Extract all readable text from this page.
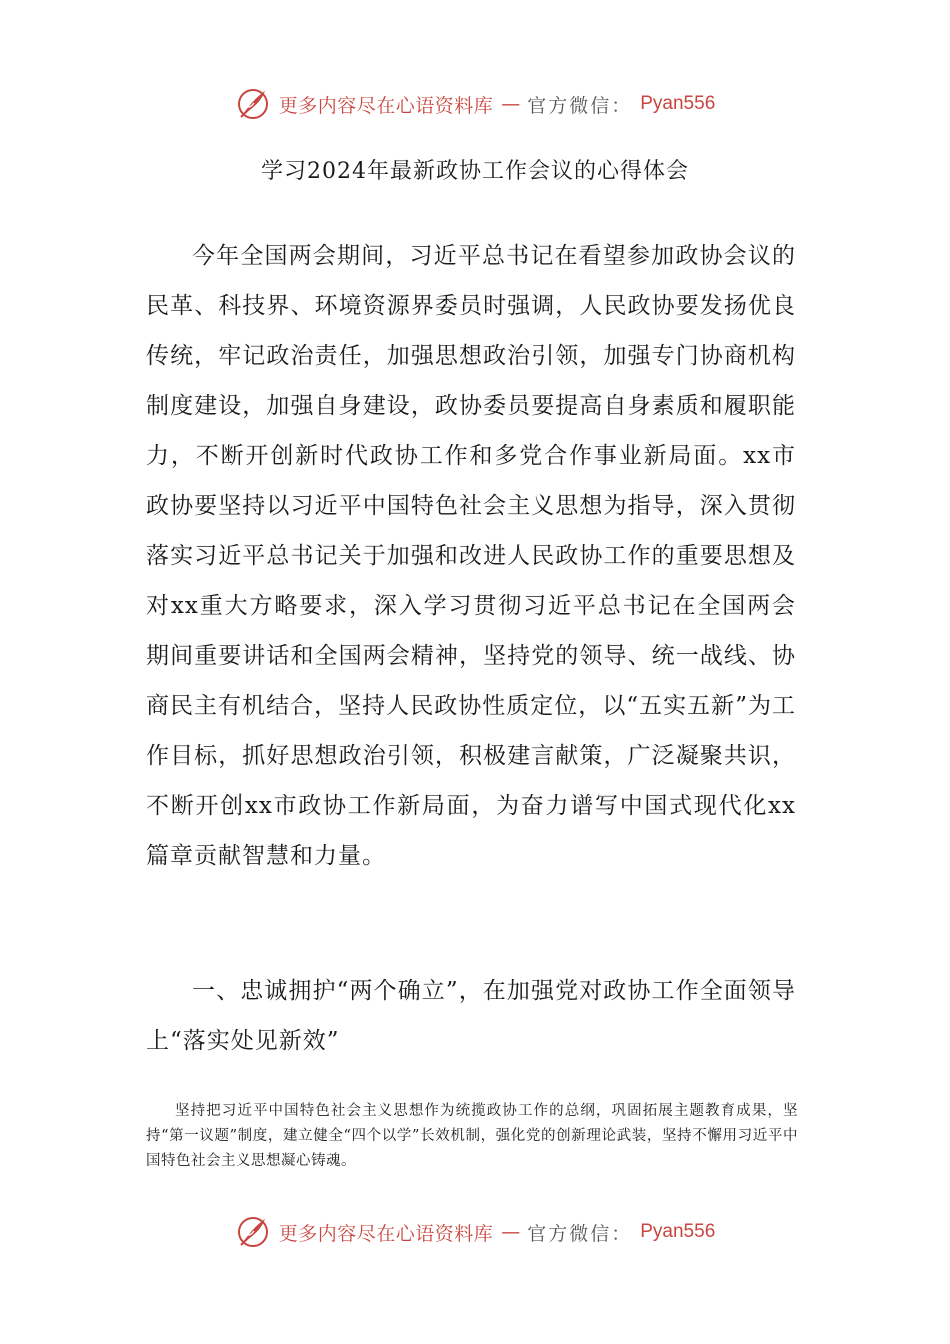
更多内容尽在心语资料库 — 官方微信： Pyan556
学习2024年最新政协工作会议的心得体会

今年全国两会期间，习近平总书记在看望参加政协会议的民革、科技界、环境资源界委员时强调，人民政协要发扬优良传统，牢记政治责任，加强思想政治引领，加强专门协商机构制度建设，加强自身建设，政协委员要提高自身素质和履职能力，不断开创新时代政协工作和多党合作事业新局面。xx市政协要坚持以习近平中国特色社会主义思想为指导，深入贯彻落实习近平总书记关于加强和改进人民政协工作的重要思想及对xx重大方略要求，深入学习贯彻习近平总书记在全国两会期间重要讲话和全国两会精神，坚持党的领导、统一战线、协商民主有机结合，坚持人民政协性质定位，以“五实五新”为工作目标，抓好思想政治引领，积极建言献策，广泛凝聚共识，不断开创xx市政协工作新局面，为奋力谱写中国式现代化xx篇章贡献智慧和力量。

一、忠诚拥护“两个确立”，在加强党对政协工作全面领导上“落实处见新效”

坚持把习近平中国特色社会主义思想作为统揽政协工作的总纲，巩固拓展主题教育成果，坚持“第一议题”制度，建立健全“四个以学”长效机制，强化党的创新理论武装，坚持不懈用习近平中国特色社会主义思想凝心铸魂。

更多内容尽在心语资料库 — 官方微信： Pyan556
